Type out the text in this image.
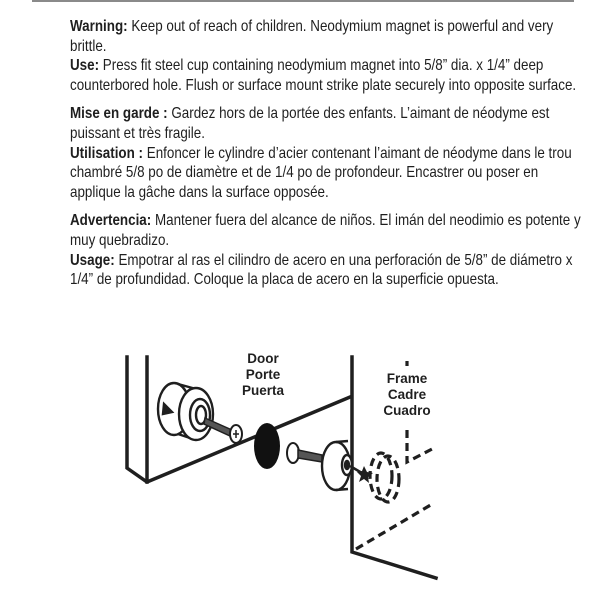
Warning: Keep out of reach of children. Neodymium magnet is powerful and very brittle.
Use: Press fit steel cup containing neodymium magnet into 5/8” dia. x 1/4” deep counterbored hole. Flush or surface mount strike plate securely into opposite surface.
Mise en garde : Gardez hors de la portée des enfants. L’aimant de néodyme est puissant et très fragile.
Utilisation : Enfoncer le cylindre d’acier contenant l’aimant de néodyme dans le trou chambré 5/8 po de diamètre et de 1/4 po de profondeur. Encastrer ou poser en applique la gâche dans la surface opposée.
Advertencia: Mantener fuera del alcance de niños. El imán del neodimio es potente y muy quebradizo.
Usage: Empotrar al ras el cilindro de acero en una perforación de 5/8” de diámetro x 1/4” de profundidad. Coloque la placa de acero en la superficie opuesta.
Door
Porte
Puerta
Frame
Cadre
Cuadro
